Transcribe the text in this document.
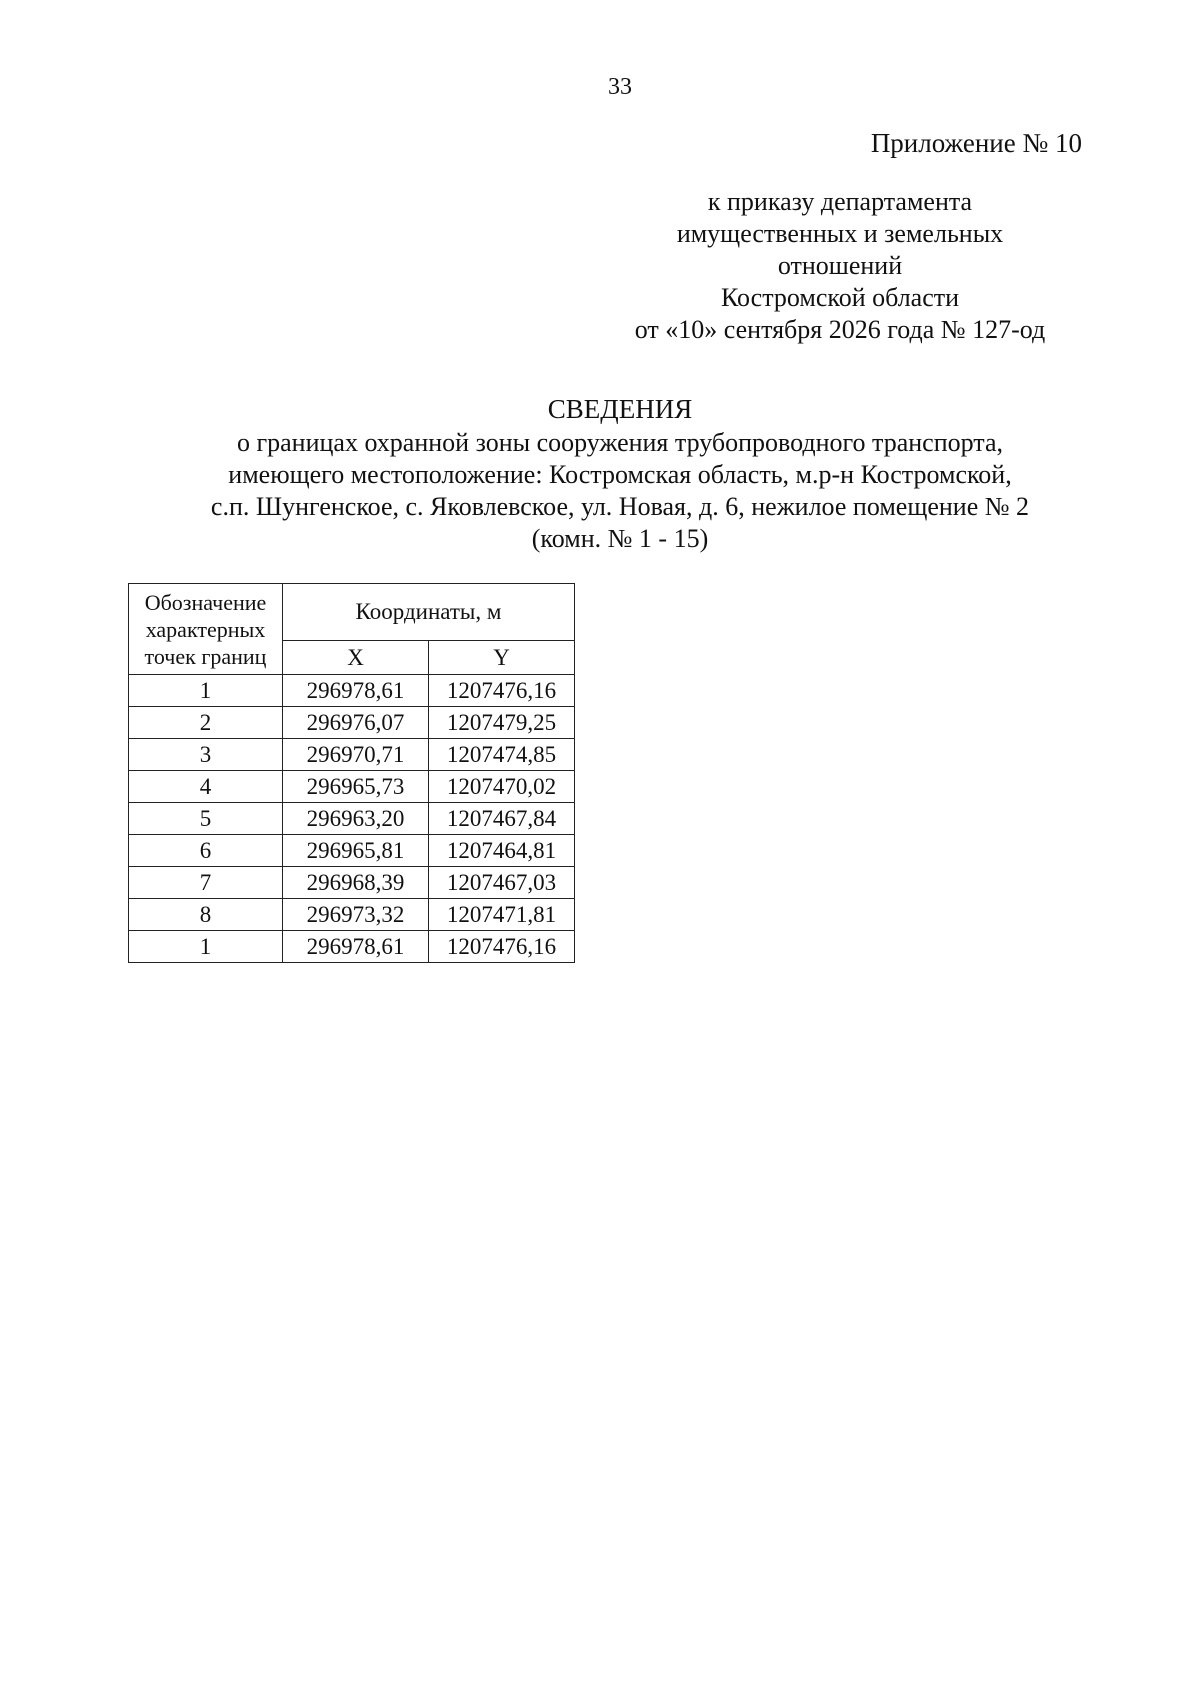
33
Приложение № 10
к приказу департамента
имущественных и земельных
отношений
Костромской области
от «10» сентября 2026 года № 127-од
СВЕДЕНИЯ
о границах охранной зоны сооружения трубопроводного транспорта,
имеющего местоположение: Костромская область, м.р-н Костромской,
с.п. Шунгенское, с. Яковлевское, ул. Новая, д. 6, нежилое помещение № 2
(комн. № 1 - 15)
Обозначение характерных точек границ	Координаты, м	
	X	Y
1	296978,61	1207476,16
2	296976,07	1207479,25
3	296970,71	1207474,85
4	296965,73	1207470,02
5	296963,20	1207467,84
6	296965,81	1207464,81
7	296968,39	1207467,03
8	296973,32	1207471,81
1	296978,61	1207476,16
